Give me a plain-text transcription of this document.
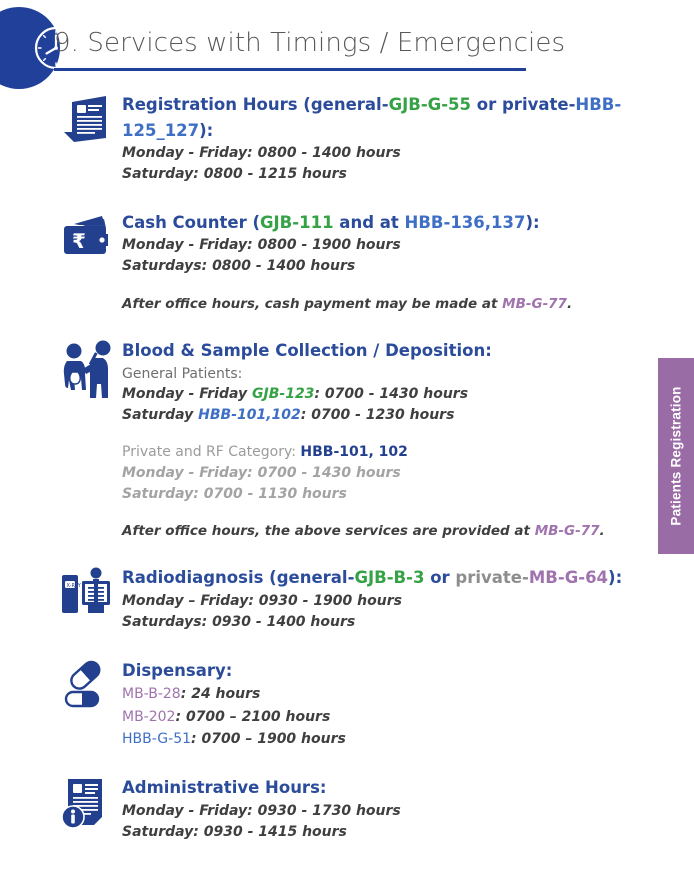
9. Services with Timings / Emergencies
Patients Registration
Registration Hours (general-GJB-G-55 or private-HBB-125_127):
Monday - Friday: 0800 - 1400 hours
Saturday: 0800 - 1215 hours
₹
Cash Counter (GJB-111 and at HBB-136,137):
Monday - Friday: 0800 - 1900 hours
Saturdays: 0800 - 1400 hours
After office hours, cash payment may be made at MB-G-77.
Blood & Sample Collection / Deposition:
General Patients:
Monday - Friday GJB-123: 0700 - 1430 hours
Saturday HBB-101,102: 0700 - 1230 hours
Private and RF Category: HBB-101, 102
Monday - Friday: 0700 - 1430 hours
Saturday: 0700 - 1130 hours
After office hours, the above services are provided at MB-G-77.
X-RAY Radiodiagnosis (general-GJB-B-3 or private-MB-G-64):
Monday – Friday: 0930 - 1900 hours
Saturdays: 0930 - 1400 hours
Dispensary:
MB-B-28: 24 hours
MB-202: 0700 – 2100 hours
HBB-G-51: 0700 – 1900 hours
Administrative Hours:
Monday - Friday: 0930 - 1730 hours
Saturday: 0930 - 1415 hours
